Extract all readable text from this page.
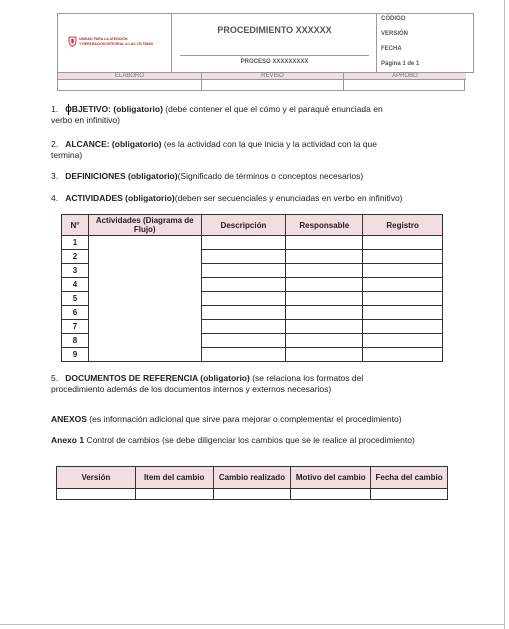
UNIDAD PARA LA ATENCIÓN
Y REPARACIÓN INTEGRAL A LAS VÍCTIMAS
PROCEDIMIENTO XXXXXX
PROCESO XXXXXXXXX
CÓDIGO
VERSIÓN
FECHA
Página 1 de 1
ELABORO	REVISO	APROBO
1. OBJETIVO: (obligatorio) (debe contener el que el cómo y el paraqué enunciada en
verbo en infinitivo)
2. ALCANCE: (obligatorio) (es la actividad con la que inicia y la actividad con la que
termina)
3. DEFINICIONES (obligatorio)(Significado de términos o conceptos necesarios)
4. ACTIVIDADES (obligatorio)(deben ser secuenciales y enunciadas en verbo en infinitivo)
N°	Actividades (Diagrama de Flujo)	Descripción	Responsable	Registro
1				
2				
3				
4				
5				
6				
7				
8				
9				
5. DOCUMENTOS DE REFERENCIA (obligatorio) (se relaciona los formatos del
procedimiento además de los documentos internos y externos necesarios)
ANEXOS (es información adicional que sirve para mejorar o complementar el procedimiento)
Anexo 1 Control de cambios (se debe diligenciar los cambios que se le realice al procedimiento)
Versión	Item del cambio	Cambio realizado	Motivo del cambio	Fecha del cambio
